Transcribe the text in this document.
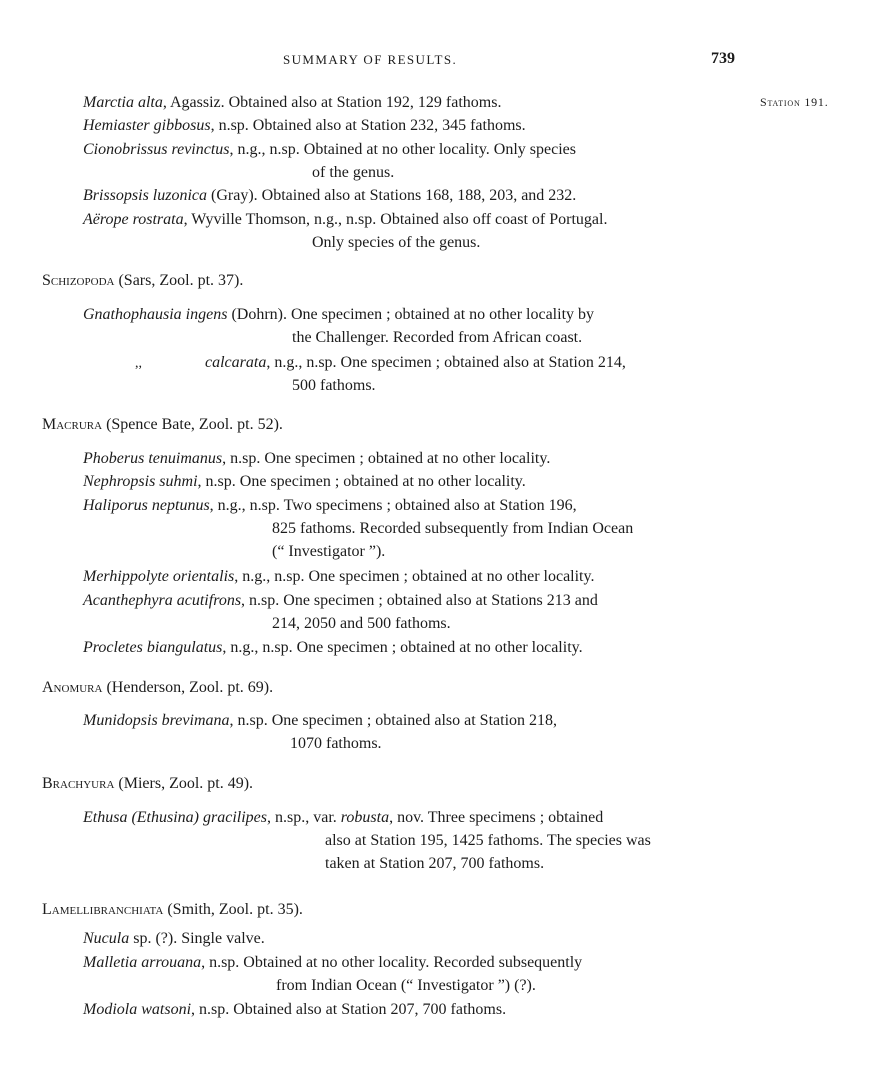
SUMMARY OF RESULTS.	739
Station 191.
Marctia alta, Agassiz. Obtained also at Station 192, 129 fathoms.
Hemiaster gibbosus, n.sp. Obtained also at Station 232, 345 fathoms.
Cionobrissus revinctus, n.g., n.sp. Obtained at no other locality. Only species
of the genus.
Brissopsis luzonica (Gray). Obtained also at Stations 168, 188, 203, and 232.
Aërope rostrata, Wyville Thomson, n.g., n.sp. Obtained also off coast of Portugal.
Only species of the genus.
Schizopoda (Sars, Zool. pt. 37).
Gnathophausia ingens (Dohrn). One specimen ; obtained at no other locality by
the Challenger. Recorded from African coast.
,,	calcarata, n.g., n.sp. One specimen ; obtained also at Station 214,
500 fathoms.
Macrura (Spence Bate, Zool. pt. 52).
Phoberus tenuimanus, n.sp. One specimen ; obtained at no other locality.
Nephropsis suhmi, n.sp. One specimen ; obtained at no other locality.
Haliporus neptunus, n.g., n.sp. Two specimens ; obtained also at Station 196,
825 fathoms. Recorded subsequently from Indian Ocean
(“ Investigator ”).
Merhippolyte orientalis, n.g., n.sp. One specimen ; obtained at no other locality.
Acanthephyra acutifrons, n.sp. One specimen ; obtained also at Stations 213 and
214, 2050 and 500 fathoms.
Procletes biangulatus, n.g., n.sp. One specimen ; obtained at no other locality.
Anomura (Henderson, Zool. pt. 69).
Munidopsis brevimana, n.sp. One specimen ; obtained also at Station 218,
1070 fathoms.
Brachyura (Miers, Zool. pt. 49).
Ethusa (Ethusina) gracilipes, n.sp., var. robusta, nov. Three specimens ; obtained
also at Station 195, 1425 fathoms. The species was
taken at Station 207, 700 fathoms.
Lamellibranchiata (Smith, Zool. pt. 35).
Nucula sp. (?). Single valve.
Malletia arrouana, n.sp. Obtained at no other locality. Recorded subsequently
from Indian Ocean (“ Investigator ”) (?).
Modiola watsoni, n.sp. Obtained also at Station 207, 700 fathoms.
